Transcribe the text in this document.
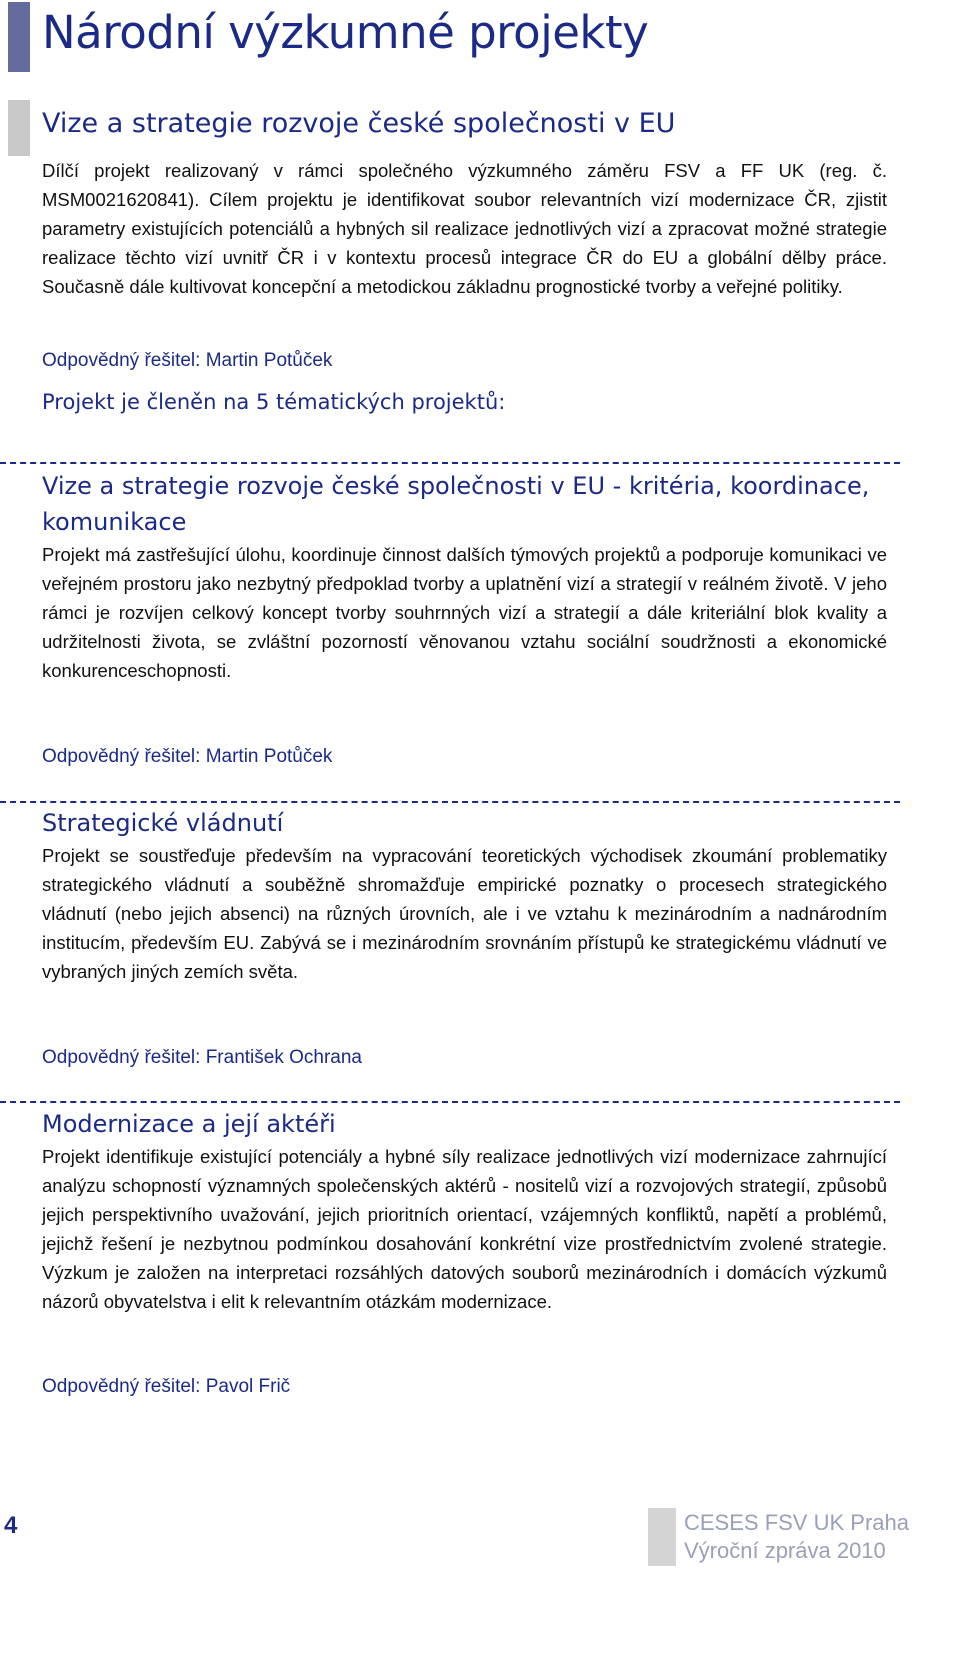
Národní výzkumné projekty
Vize a strategie rozvoje české společnosti v EU

Dílčí projekt realizovaný v rámci společného výzkumného záměru FSV a FF UK (reg. č. MSM0021620841). Cílem projektu je identifikovat soubor relevantních vizí modernizace ČR, zjistit parametry existujících potenciálů a hybných sil realizace jednotlivých vizí a zpracovat možné strategie realizace těchto vizí uvnitř ČR i v kontextu procesů integrace ČR do EU a globální dělby práce. Současně dále kultivovat koncepční a metodickou základnu prognostické tvorby a veřejné politiky.

Odpovědný řešitel: Martin Potůček

Projekt je členěn na 5 tématických projektů:

Vize a strategie rozvoje české společnosti v EU - kritéria, koordinace, komunikace

Projekt má zastřešující úlohu, koordinuje činnost dalších týmových projektů a podporuje komunikaci ve veřejném prostoru jako nezbytný předpoklad tvorby a uplatnění vizí a strategií v reálném životě. V jeho rámci je rozvíjen celkový koncept tvorby souhrnných vizí a strategií a dále kriteriální blok kvality a udržitelnosti života, se zvláštní pozorností věnovanou vztahu sociální soudržnosti a ekonomické konkurenceschopnosti.

Odpovědný řešitel: Martin Potůček

Strategické vládnutí

Projekt se soustřeďuje především na vypracování teoretických východisek zkoumání problematiky strategického vládnutí a souběžně shromažďuje empirické poznatky o procesech strategického vládnutí (nebo jejich absenci) na různých úrovních, ale i ve vztahu k mezinárodním a nadnárodním institucím, především EU. Zabývá se i mezinárodním srovnáním přístupů ke strategickému vládnutí ve vybraných jiných zemích světa.

Odpovědný řešitel: František Ochrana

Modernizace a její aktéři

Projekt identifikuje existující potenciály a hybné síly realizace jednotlivých vizí modernizace zahrnující analýzu schopností významných společenských aktérů - nositelů vizí a rozvojových strategií, způsobů jejich perspektivního uvažování, jejich prioritních orientací, vzájemných konfliktů, napětí a problémů, jejichž řešení je nezbytnou podmínkou dosahování konkrétní vize prostřednictvím zvolené strategie. Výzkum je založen na interpretaci rozsáhlých datových souborů mezinárodních i domácích výzkumů názorů obyvatelstva i elit k relevantním otázkám modernizace.

Odpovědný řešitel: Pavol Frič

4	CESES FSV UK Praha

Výroční zpráva 2010
